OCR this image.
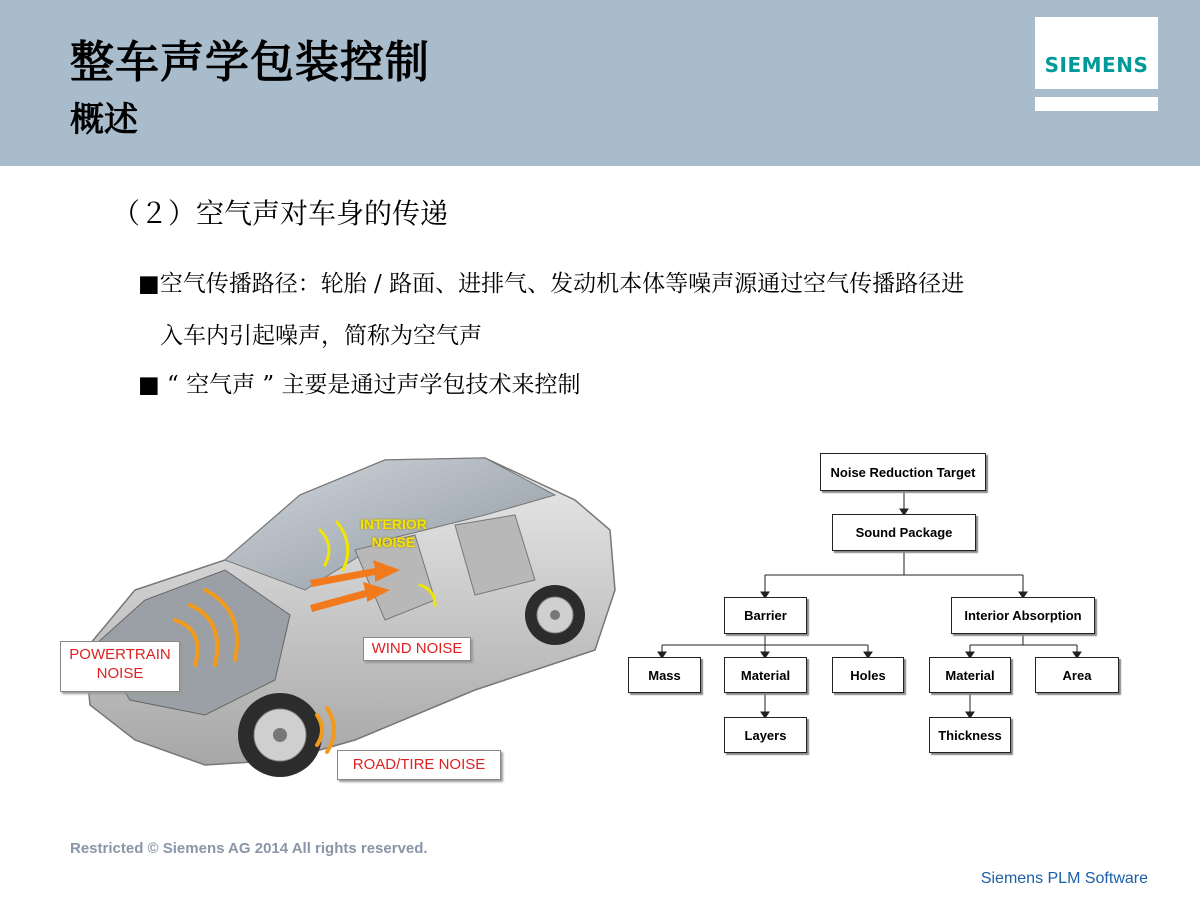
整车声学包装控制
概述
SIEMENS
（２）空气声对车身的传递
■空气传播路径：轮胎 / 路面、进排气、发动机本体等噪声源通过空气传播路径进
入车内引起噪声，简称为空气声
■ “ 空气声 ” 主要是通过声学包技术来控制
INTERIOR
NOISE
POWERTRAIN
NOISE
WIND NOISE
ROAD/TIRE NOISE
Noise Reduction Target
Sound Package
Barrier	Interior Absorption
Mass	Material	Holes	Material	Area
Layers	Thickness
Restricted © Siemens AG 2014 All rights reserved.
Siemens PLM Software
